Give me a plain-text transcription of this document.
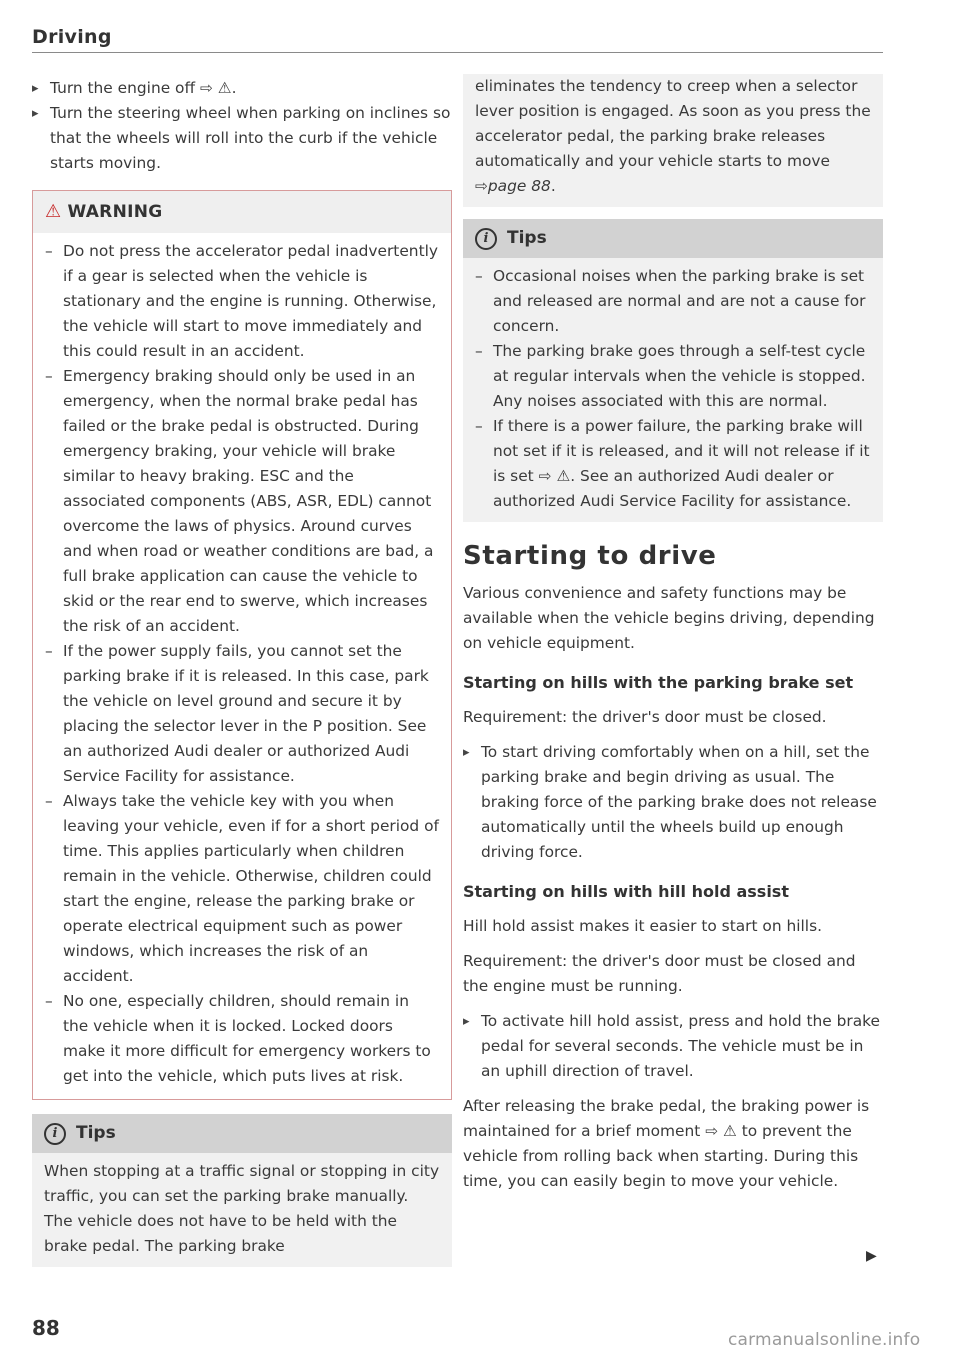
Driving

▸ Turn the engine off ⇨ ⚠.

▸ Turn the steering wheel when parking on inclines so that the wheels will roll into the curb if the vehicle starts moving.

⚠ WARNING

– Do not press the accelerator pedal inadvertently if a gear is selected when the vehicle is stationary and the engine is running. Otherwise, the vehicle will start to move immediately and this could result in an accident.

– Emergency braking should only be used in an emergency, when the normal brake pedal has failed or the brake pedal is obstructed. During emergency braking, your vehicle will brake similar to heavy braking. ESC and the associated components (ABS, ASR, EDL) cannot overcome the laws of physics. Around curves and when road or weather conditions are bad, a full brake application can cause the vehicle to skid or the rear end to swerve, which increases the risk of an accident.

– If the power supply fails, you cannot set the parking brake if it is released. In this case, park the vehicle on level ground and secure it by placing the selector lever in the P position. See an authorized Audi dealer or authorized Audi Service Facility for assistance.

– Always take the vehicle key with you when leaving your vehicle, even if for a short period of time. This applies particularly when children remain in the vehicle. Otherwise, children could start the engine, release the parking brake or operate electrical equipment such as power windows, which increases the risk of an accident.

– No one, especially children, should remain in the vehicle when it is locked. Locked doors make it more difficult for emergency workers to get into the vehicle, which puts lives at risk.

i	Tips

When stopping at a traffic signal or stopping in city traffic, you can set the parking brake manually. The vehicle does not have to be held with the brake pedal. The parking brake

eliminates the tendency to creep when a selector lever position is engaged. As soon as you press the accelerator pedal, the parking brake releases automatically and your vehicle starts to move ⇨page 88.

i	Tips

– Occasional noises when the parking brake is set and released are normal and are not a cause for concern.

– The parking brake goes through a self-test cycle at regular intervals when the vehicle is stopped. Any noises associated with this are normal.

– If there is a power failure, the parking brake will not set if it is released, and it will not release if it is set ⇨ ⚠. See an authorized Audi dealer or authorized Audi Service Facility for assistance.

Starting to drive

Various convenience and safety functions may be available when the vehicle begins driving, depending on vehicle equipment.

Starting on hills with the parking brake set

Requirement: the driver's door must be closed.

▸ To start driving comfortably when on a hill, set the parking brake and begin driving as usual. The braking force of the parking brake does not release automatically until the wheels build up enough driving force.

Starting on hills with hill hold assist

Hill hold assist makes it easier to start on hills.

Requirement: the driver's door must be closed and the engine must be running.

▸ To activate hill hold assist, press and hold the brake pedal for several seconds. The vehicle must be in an uphill direction of travel.

After releasing the brake pedal, the braking power is maintained for a brief moment ⇨ ⚠ to prevent the vehicle from rolling back when starting. During this time, you can easily begin to move your vehicle.

▶
88	carmanualsonline.info
